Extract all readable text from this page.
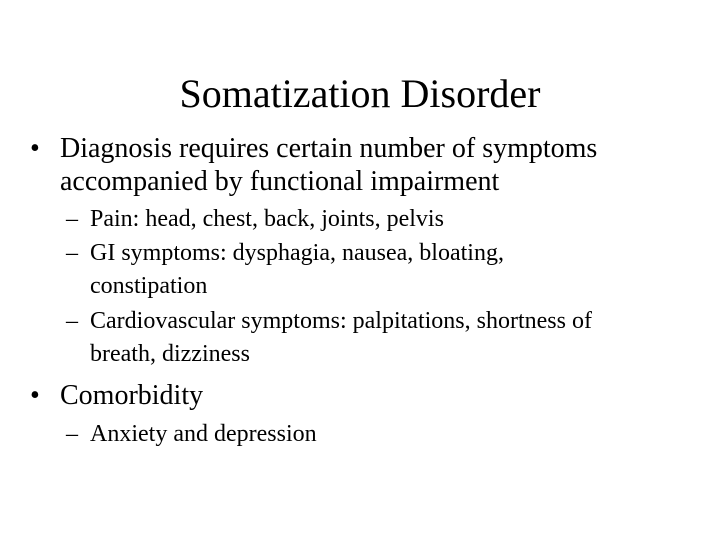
Somatization Disorder
• Diagnosis requires certain number of symptoms
accompanied by functional impairment
– Pain: head, chest, back, joints, pelvis
– GI symptoms: dysphagia, nausea, bloating,
constipation
– Cardiovascular symptoms: palpitations, shortness of
breath, dizziness
• Comorbidity
– Anxiety and depression
